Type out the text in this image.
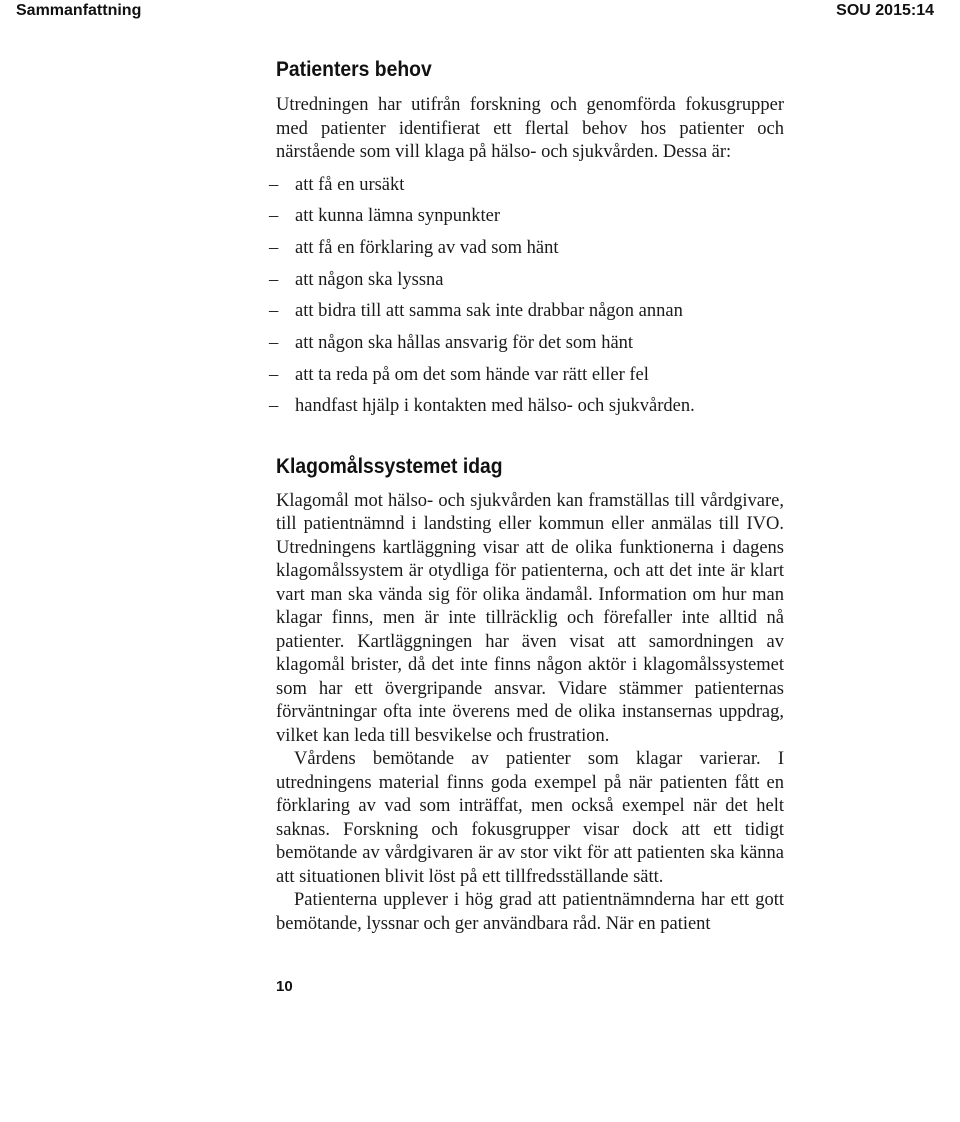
Sammanfattning	SOU 2015:14
Patienters behov

Utredningen har utifrån forskning och genomförda fokusgrupper med patienter identifierat ett flertal behov hos patienter och närstående som vill klaga på hälso- och sjukvården. Dessa är:

– att få en ursäkt
– att kunna lämna synpunkter
– att få en förklaring av vad som hänt
– att någon ska lyssna
– att bidra till att samma sak inte drabbar någon annan
– att någon ska hållas ansvarig för det som hänt
– att ta reda på om det som hände var rätt eller fel
– handfast hjälp i kontakten med hälso- och sjukvården.
Klagomålssystemet idag

Klagomål mot hälso- och sjukvården kan framställas till vårdgivare, till patientnämnd i landsting eller kommun eller anmälas till IVO. Utredningens kartläggning visar att de olika funktionerna i dagens klagomålssystem är otydliga för patienterna, och att det inte är klart vart man ska vända sig för olika ändamål. Information om hur man klagar finns, men är inte tillräcklig och förefaller inte alltid nå patienter. Kartläggningen har även visat att samordningen av klagomål brister, då det inte finns någon aktör i klagomålssystemet som har ett övergripande ansvar. Vidare stämmer patienternas förväntningar ofta inte överens med de olika instansernas uppdrag, vilket kan leda till besvikelse och frustration.

Vårdens bemötande av patienter som klagar varierar. I utredningens material finns goda exempel på när patienten fått en förklaring av vad som inträffat, men också exempel när det helt saknas. Forskning och fokusgrupper visar dock att ett tidigt bemötande av vårdgivaren är av stor vikt för att patienten ska känna att situationen blivit löst på ett tillfredsställande sätt.

Patienterna upplever i hög grad att patientnämnderna har ett gott bemötande, lyssnar och ger användbara råd. När en patient

10
